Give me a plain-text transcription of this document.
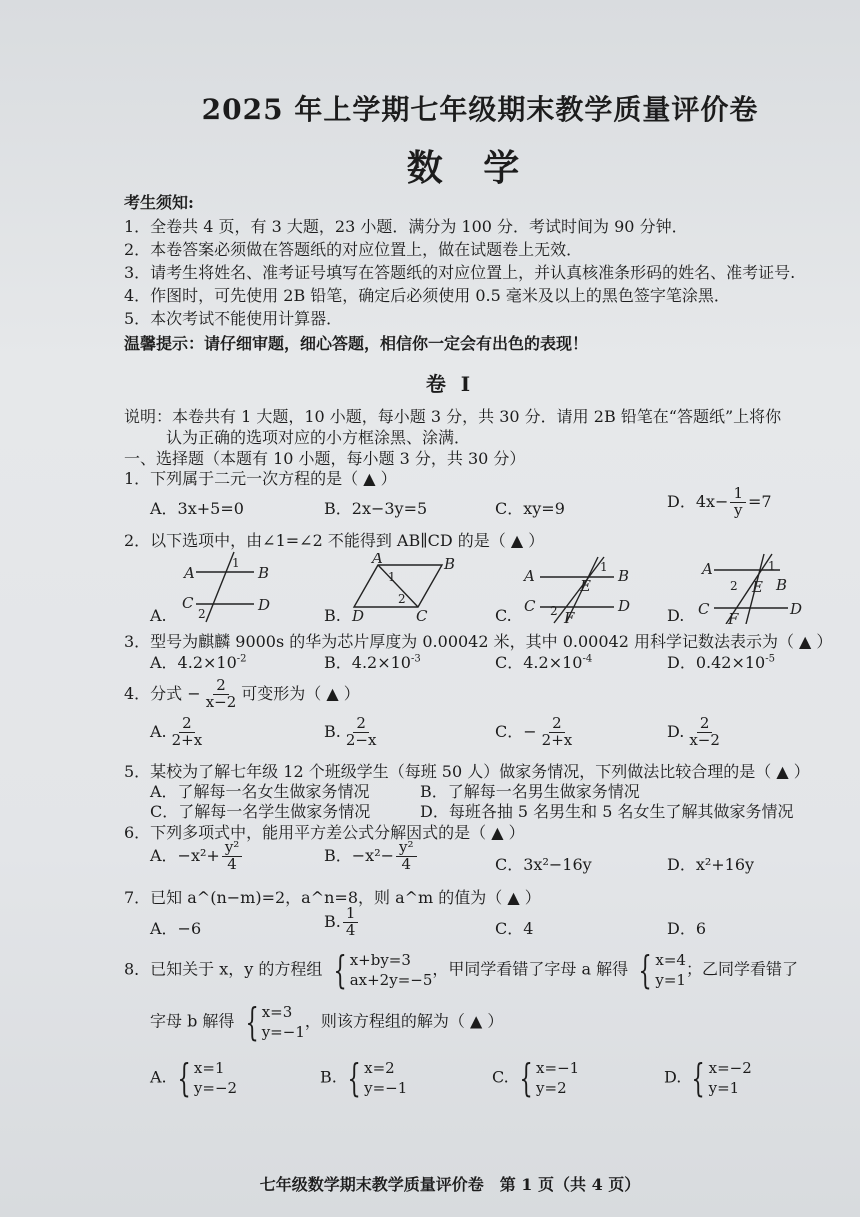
2025 年上学期七年级期末教学质量评价卷
数 学
考生须知:
1．全卷共 4 页，有 3 大题，23 小题．满分为 100 分．考试时间为 90 分钟．
2．本卷答案必须做在答题纸的对应位置上，做在试题卷上无效．
3．请考生将姓名、准考证号填写在答题纸的对应位置上，并认真核准条形码的姓名、准考证号.
4．作图时，可先使用 2B 铅笔，确定后必须使用 0.5 毫米及以上的黑色签字笔涂黑．
5．本次考试不能使用计算器．
温馨提示：请仔细审题，细心答题，相信你一定会有出色的表现！
卷 I
说明：本卷共有 1 大题，10 小题，每小题 3 分，共 30 分．请用 2B 铅笔在“答题纸”上将你
认为正确的选项对应的小方框涂黑、涂满．
一、选择题（本题有 10 小题，每小题 3 分，共 30 分）
1．下列属于二元一次方程的是（ ▲ ）
A．3x+5=0	B．2x−3y=5	C．xy=9	D．$4x- \frac{1}{y} =7$
2．以下选项中，由∠1=∠2 不能得到 AB∥CD 的是（ ▲ ）
A	B
C	D
1
2
A.
A	B
D	C
1
2
B.
A	B
C	D
E
F
1
2
C.
A
B
C	D
E
F
1
2
D.
3．型号为麒麟 9000s 的华为芯片厚度为 0.00042 米，其中 0.00042 用科学记数法表示为（ ▲ ）
A．$4.2\times 10^{-2}$	B．$4.2\times 10^{-3}$	C．$4.2\times 10^{-4}$	D．$0.42\times 10^{-5}$
4．分式 − $\frac{2}{x-2}$ 可变形为（ ▲ ）
A. $\frac{2}{2+x}$	B. $\frac{2}{2-x}$	C．− $\frac{2}{2+x}$	D. $\frac{2}{x-2}$
5．某校为了解七年级 12 个班级学生（每班 50 人）做家务情况，下列做法比较合理的是（ ▲ ）
A．了解每一名女生做家务情况	B．了解每一名男生做家务情况
C．了解每一名学生做家务情况	D．每班各抽 5 名男生和 5 名女生了解其做家务情况
6．下列多项式中，能用平方差公式分解因式的是（ ▲ ）
A．$-x^2+ \frac{\text{y²}}{4}$	B．$-x^2- \frac{\text{y²}}{4}$	C．3x²−16y	D．x²+16y
7．已知 a^(n−m)=2，a^n=8，则 a^m 的值为（ ▲ ）
A．−6	B. $\frac{1}{4}$	C．4	D．6
8．已知关于 x，y 的方程组 { x+by=3
ax+2y=−5
，甲同学看错了字母 a 解得 { x=4
y=1
；乙同学看错了
字母 b 解得 { x=3
y=−1
，则该方程组的解为（ ▲ ）
A. { x=1
y=−2
B. { x=2
y=−1
C. { x=−1
y=2
D. { x=−2
y=1
七年级数学期末教学质量评价卷　第 1 页（共 4 页）
